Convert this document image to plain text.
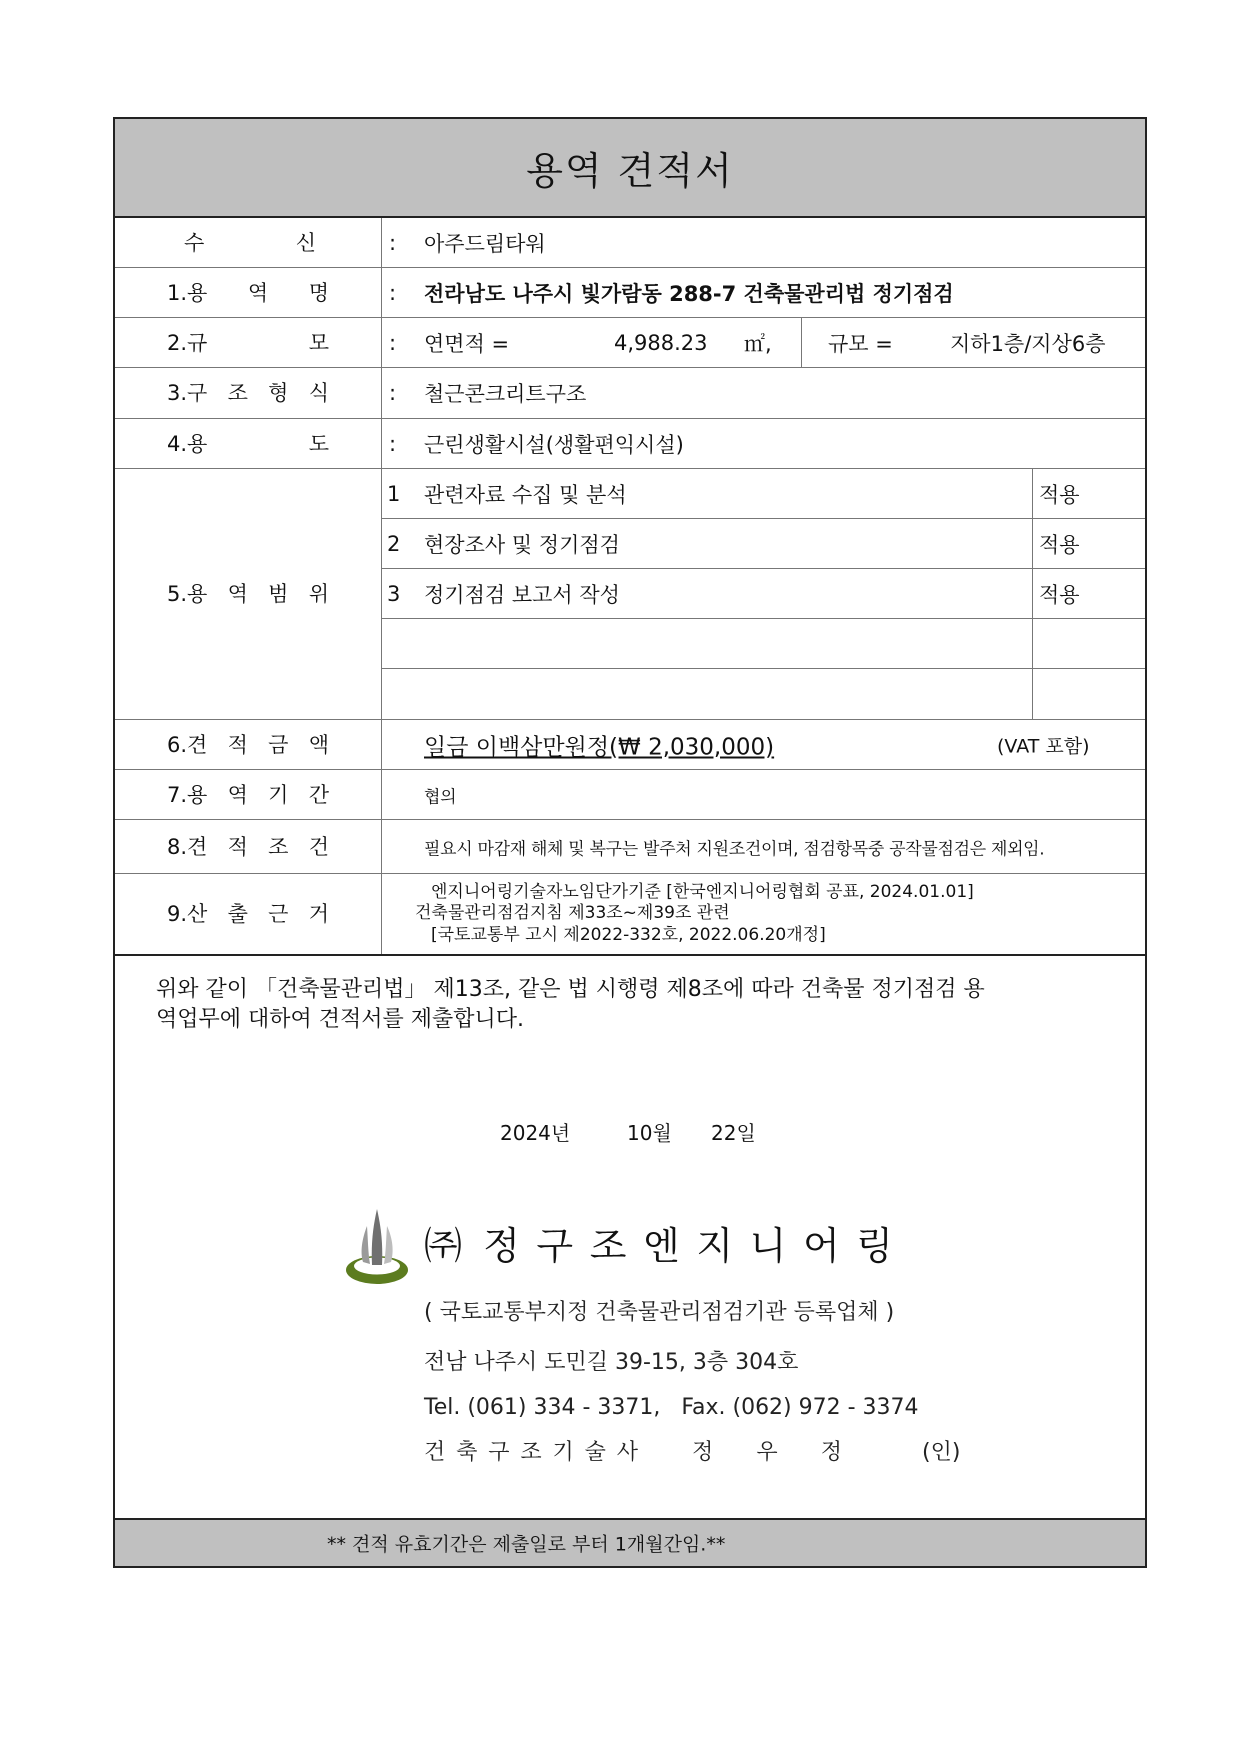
용역 견적서
수 신	: 아주드림타워
1.용 역 명	: 전라남도 나주시 빛가람동 288-7 건축물관리법 정기점검
2.규 모	: 연면적 =	4,988.23 ㎡,	규모 =	지하1층/지상6층
3.구 조 형 식	: 철근콘크리트구조
4.용 도	: 근린생활시설(생활편익시설)
5.용 역 범 위
1 관련자료 수집 및 분석	적용
2 현장조사 및 정기점검	적용
3 정기점검 보고서 작성	적용
6.견 적 금 액	일금 이백삼만원정(₩ 2,030,000)	(VAT 포함)
7.용 역 기 간	협의
8.견 적 조 건	필요시 마감재 해체 및 복구는 발주처 지원조건이며, 점검항목중 공작물점검은 제외임.
9.산 출 근 거
엔지니어링기술자노임단가기준 [한국엔지니어링협회 공표, 2024.01.01]
건축물관리점검지침 제33조~제39조 관련
[국토교통부 고시 제2022-332호, 2022.06.20개정]
위와 같이 「건축물관리법」 제13조, 같은 법 시행령 제8조에 따라 건축물 정기점검 용
역업무에 대하여 견적서를 제출합니다.
2024년	10월 22일
㈜ 정 구 조 엔 지 니 어 링
( 국토교통부지정 건축물관리점검기관 등록업체 )
전남 나주시 도민길 39-15, 3층 304호
Tel. (061) 334 - 3371,   Fax. (062) 972 - 3374
건 축 구 조 기 술 사 정 우 정	(인)
** 견적 유효기간은 제출일로 부터 1개월간임.**
